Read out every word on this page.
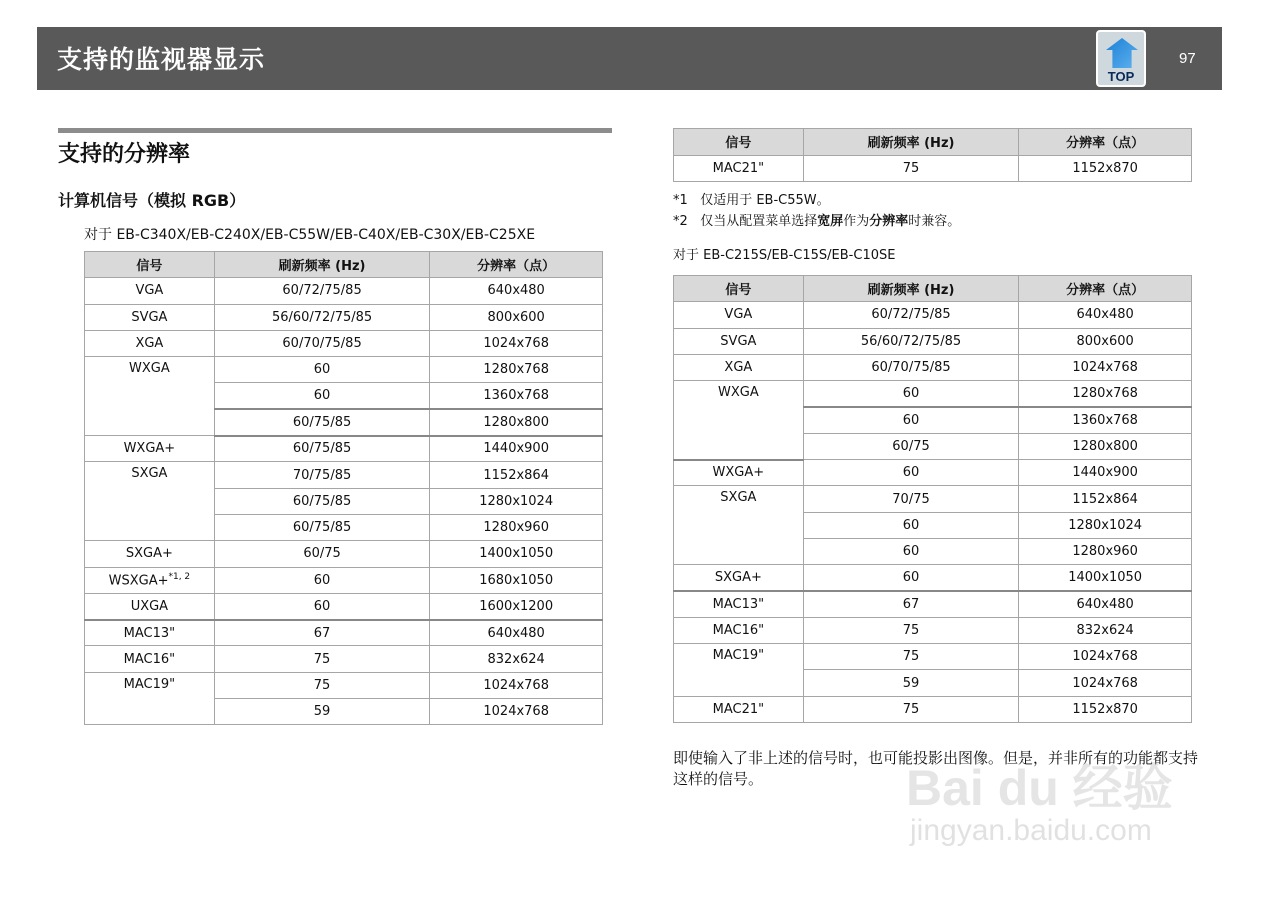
支持的监视器显示
TOP
97
支持的分辨率
计算机信号（模拟 RGB）
对于 EB-C340X/EB-C240X/EB-C55W/EB-C40X/EB-C30X/EB-C25XE
信号	刷新频率 (Hz)	分辨率（点）
VGA	60/72/75/85	640x480
SVGA	56/60/72/75/85	800x600
XGA	60/70/75/85	1024x768
WXGA	60	1280x768
	60	1360x768
	60/75/85	1280x800
WXGA+	60/75/85	1440x900
SXGA	70/75/85	1152x864
	60/75/85	1280x1024
	60/75/85	1280x960
SXGA+	60/75	1400x1050
WSXGA+$^{*1, 2}$	60	1680x1050
UXGA	60	1600x1200
MAC13"	67	640x480
MAC16"	75	832x624
MAC19"	75	1024x768
	59	1024x768
信号	刷新频率 (Hz)	分辨率（点）
MAC21"	75	1152x870
*1 仅适用于 EB-C55W。
*2 仅当从配置菜单选择宽屏作为分辨率时兼容。
对于 EB-C215S/EB-C15S/EB-C10SE
信号	刷新频率 (Hz)	分辨率（点）
VGA	60/72/75/85	640x480
SVGA	56/60/72/75/85	800x600
XGA	60/70/75/85	1024x768
WXGA	60	1280x768
	60	1360x768
	60/75	1280x800
WXGA+	60	1440x900
SXGA	70/75	1152x864
	60	1280x1024
	60	1280x960
SXGA+	60	1400x1050
MAC13"	67	640x480
MAC16"	75	832x624
MAC19"	75	1024x768
	59	1024x768
MAC21"	75	1152x870
即使输入了非上述的信号时，也可能投影出图像。但是，并非所有的功能都支持这样的信号。	Bai du 经验
jingyan.baidu.com
